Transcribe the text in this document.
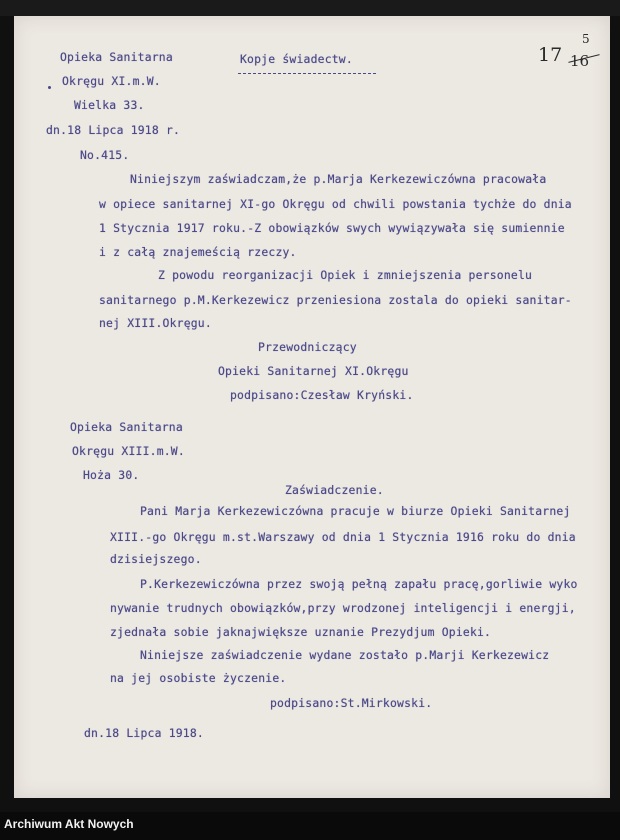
Opieka Sanitarna
Okręgu XI.m.W.
Wielka 33.
dn.18 Lipca 1918 r.
No.415.
Kopje świadectw.	17
5
16
Niniejszym zaświadczam,że p.Marja Kerkezewiczówna pracowała
w opiece sanitarnej XI-go Okręgu od chwili powstania tychże do dnia
1 Stycznia 1917 roku.-Z obowiązków swych wywiązywała się sumiennie
i z całą znajemeścią rzeczy.
Z powodu reorganizacji Opiek i zmniejszenia personelu
sanitarnego p.M.Kerkezewicz przeniesiona zostala do opieki sanitar-
nej XIII.Okręgu.
Przewodniczący
Opieki Sanitarnej XI.Okręgu
podpisano:Czesław Kryński.
Opieka Sanitarna
Okręgu XIII.m.W.
Hoża 30.
Zaświadczenie.
Pani Marja Kerkezewiczówna pracuje w biurze Opieki Sanitarnej
XIII.-go Okręgu m.st.Warszawy od dnia 1 Stycznia 1916 roku do dnia
dzisiejszego.
P.Kerkezewiczówna przez swoją pełną zapału pracę,gorliwie wyko
nywanie trudnych obowiązków,przy wrodzonej inteligencji i energji,
zjednała sobie jaknajwiększe uznanie Prezydjum Opieki.
Niniejsze zaświadczenie wydane zostało p.Marji Kerkezewicz
na jej osobiste życzenie.
podpisano:St.Mirkowski.
dn.18 Lipca 1918.
Archiwum Akt Nowych
